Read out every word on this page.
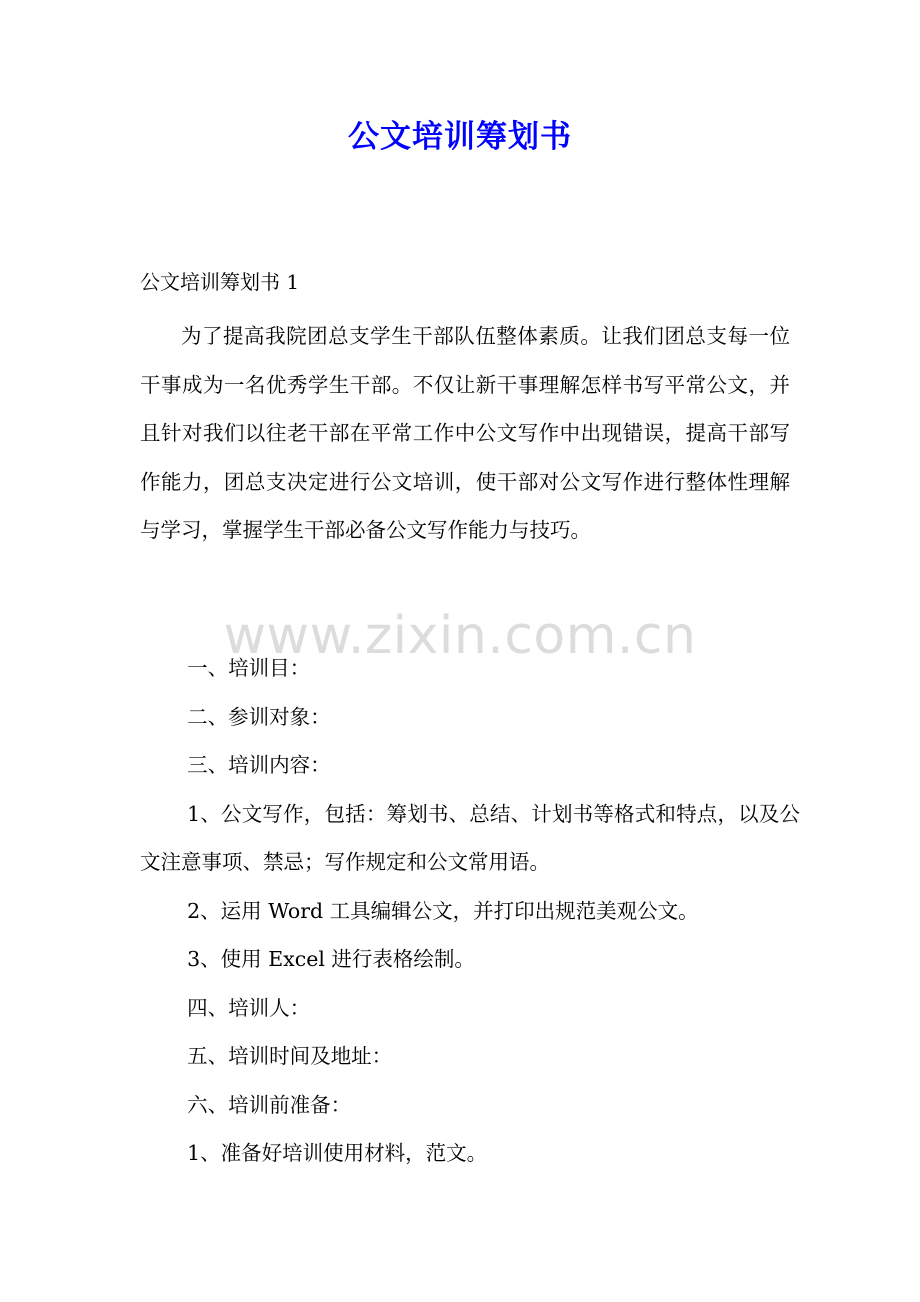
公文培训筹划书
公文培训筹划书 1

为了提高我院团总支学生干部队伍整体素质。让我们团总支每一位干事成为一名优秀学生干部。不仅让新干事理解怎样书写平常公文，并且针对我们以往老干部在平常工作中公文写作中出现错误，提高干部写作能力，团总支决定进行公文培训，使干部对公文写作进行整体性理解与学习，掌握学生干部必备公文写作能力与技巧。

www.zixin.com.cn

一、培训目：

二、参训对象：

三、培训内容：

1、公文写作，包括：筹划书、总结、计划书等格式和特点，以及公文注意事项、禁忌；写作规定和公文常用语。

2、运用 Word 工具编辑公文，并打印出规范美观公文。

3、使用 Excel 进行表格绘制。

四、培训人：

五、培训时间及地址：

六、培训前准备：

1、准备好培训使用材料，范文。
